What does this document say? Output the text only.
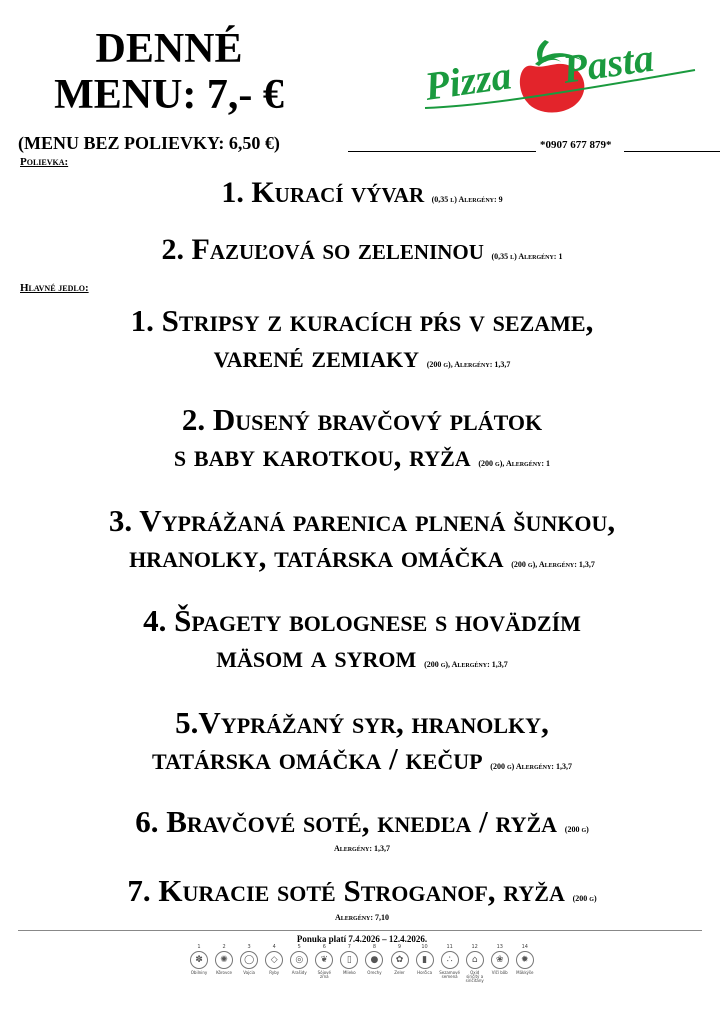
DENNÉ
MENU: 7,- €	Pizza Pasta
(MENU BEZ POLIEVKY: 6,50 €)	*0907 677 879*
Polievka:
1. Kurací vývar (0,35 l) Alergény: 9
2. Fazuľová so zeleninou (0,35 l) Alergény: 1
Hlavné jedlo:
1. Stripsy z kuracích pŕs v sezame,
varené zemiaky (200 g), Alergény: 1,3,7
2. Dusený bravčový plátok
s baby karotkou, ryža (200 g), Alergény: 1
3. Vyprážaná parenica plnená šunkou,
hranolky, tatárska omáčka (200 g), Alergény: 1,3,7
4. Špagety bolognese s hovädzím
mäsom a syrom (200 g), Alergény: 1,3,7
5.Vyprážaný syr, hranolky,
tatárska omáčka / kečup (200 g) Alergény: 1,3,7
6. Bravčové soté, knedľa / ryža (200 g)
Alergény: 1,3,7
7. Kuracie soté Stroganof, ryža (200 g)
Alergény: 7,10
Ponuka platí 7.4.2026 – 12.4.2026.
1
✽
Obilniny
2
✺
Kôrovce
3
◯
Vajcia
4
◇
Ryby
5
◎
Arašidy
6
❦
Sójové zrná
7
▯
Mlieko
8
●
Orechy
9
✿
Zeler
10
▮
Horčica
11
∴
Sezamové semená
12
⌂
Oxid siričitý a siričitany
13
❀
Vlčí bôb
14
✹
Mäkkýše
